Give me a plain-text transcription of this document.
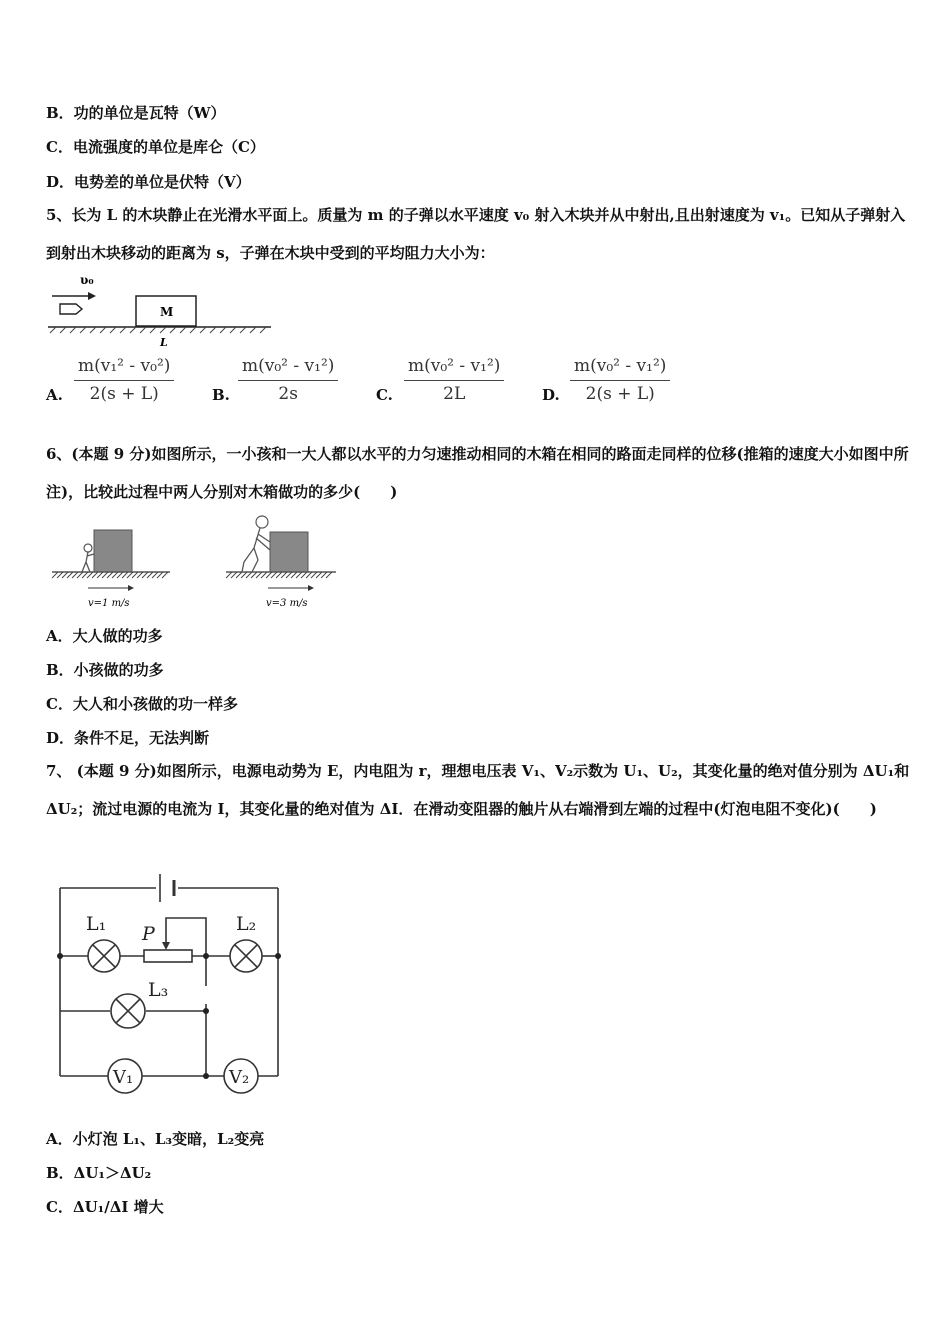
B．功的单位是瓦特（W）
C．电流强度的单位是库仑（C）
D．电势差的单位是伏特（V）
5、长为 L 的木块静止在光滑水平面上。质量为 m 的子弹以水平速度 v₀ 射入木块并从中射出,且出射速度为 v₁。已知从子弹射入到射出木块移动的距离为 s，子弹在木块中受到的平均阻力大小为：
υ₀
M
L
A. $\frac{\text{m(v₁² - v₀²)}}{2(s + L)}$	B. $\frac{\text{m(v₀² - v₁²)}}{2s}$	C. $\frac{\text{m(v₀² - v₁²)}}{2L}$	D. $\frac{\text{m(v₀² - v₁²)}}{2(s + L)}$
6、(本题 9 分)如图所示，一小孩和一大人都以水平的力匀速推动相同的木箱在相同的路面走同样的位移(推箱的速度大小如图中所注)，比较此过程中两人分别对木箱做功的多少(　　)
v=1 m/s	v=3 m/s
A．大人做的功多
B．小孩做的功多
C．大人和小孩做的功一样多
D．条件不足，无法判断
7、 (本题 9 分)如图所示，电源电动势为 E，内电阻为 r，理想电压表 V₁、V₂示数为 U₁、U₂，其变化量的绝对值分别为 ΔU₁和 ΔU₂；流过电源的电流为 I，其变化量的绝对值为 ΔI．在滑动变阻器的触片从右端滑到左端的过程中(灯泡电阻不变化)(　　)
L₁	L₂
L₃
P
V₁	V₂
A．小灯泡 L₁、L₃变暗，L₂变亮
B．ΔU₁＞ΔU₂
C．ΔU₁/ΔI 增大
